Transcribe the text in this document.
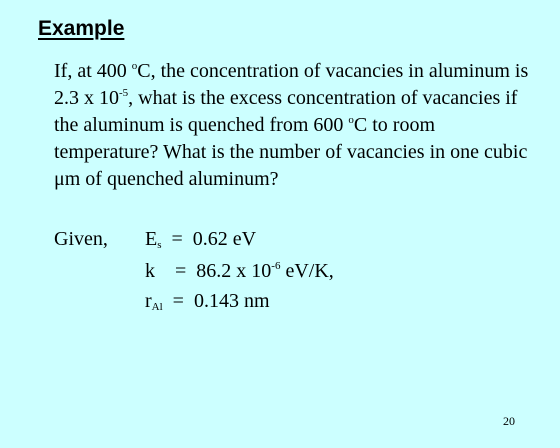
Example
If, at 400 $^o$C, the concentration of vacancies in aluminum is
2.3 x $10^{-5}$, what is the excess concentration of vacancies if
the aluminum is quenched from 600 $^o$C to room
temperature? What is the number of vacancies in one cubic
μm of quenched aluminum?
Given, $E_s = 0.62$ eV
k    =  86.2 x $10^{-6}$ eV/K,
$r_{Al} = 0.143$ nm
20
